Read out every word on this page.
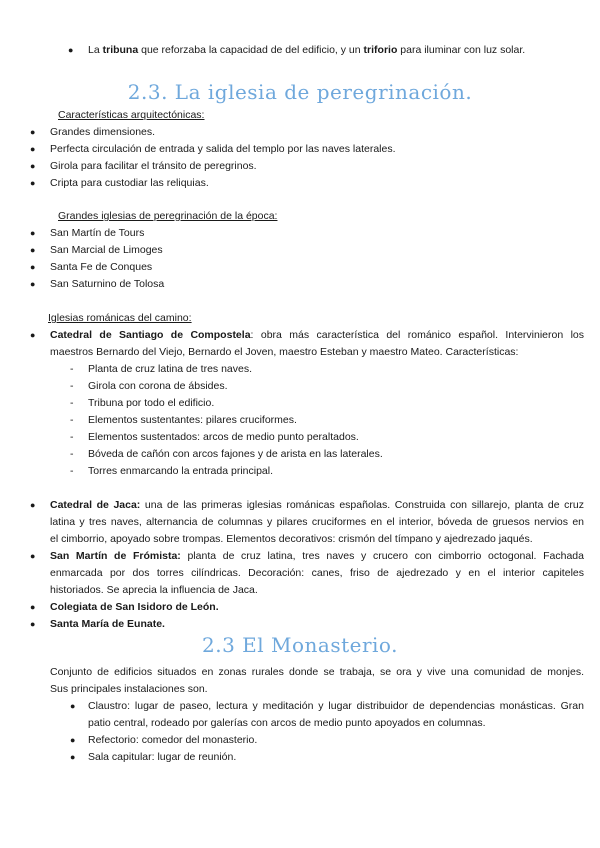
● La tribuna que reforzaba la capacidad de del edificio, y un triforio para iluminar con luz solar.
2.3. La iglesia de peregrinación.
Características arquitectónicas:
● Grandes dimensiones.
● Perfecta circulación de entrada y salida del templo por las naves laterales.
● Girola para facilitar el tránsito de peregrinos.
● Cripta para custodiar las reliquias.
Grandes iglesias de peregrinación de la época:
● San Martín de Tours
● San Marcial de Limoges
● Santa Fe de Conques
● San Saturnino de Tolosa
Iglesias románicas del camino:
● Catedral de Santiago de Compostela: obra más característica del románico español. Intervinieron los
maestros Bernardo del Viejo, Bernardo el Joven, maestro Esteban y maestro Mateo. Características:
- Planta de cruz latina de tres naves.
- Girola con corona de ábsides.
- Tribuna por todo el edificio.
- Elementos sustentantes: pilares cruciformes.
- Elementos sustentados: arcos de medio punto peraltados.
- Bóveda de cañón con arcos fajones y de arista en las laterales.
- Torres enmarcando la entrada principal.
● Catedral de Jaca: una de las primeras iglesias románicas españolas. Construida con sillarejo, planta de cruz
latina y tres naves, alternancia de columnas y pilares cruciformes en el interior, bóveda de gruesos nervios en
el cimborrio, apoyado sobre trompas. Elementos decorativos: crismón del tímpano y ajedrezado jaqués.
● San Martín de Frómista: planta de cruz latina, tres naves y crucero con cimborrio octogonal. Fachada
enmarcada por dos torres cilíndricas. Decoración: canes, friso de ajedrezado y en el interior capiteles
historiados. Se aprecia la influencia de Jaca.
● Colegiata de San Isidoro de León.
● Santa María de Eunate.
2.3 El Monasterio.
Conjunto de edificios situados en zonas rurales donde se trabaja, se ora y vive una comunidad de monjes.
Sus principales instalaciones son.
● Claustro: lugar de paseo, lectura y meditación y lugar distribuidor de dependencias monásticas. Gran
patio central, rodeado por galerías con arcos de medio punto apoyados en columnas.
● Refectorio: comedor del monasterio.
● Sala capitular: lugar de reunión.
